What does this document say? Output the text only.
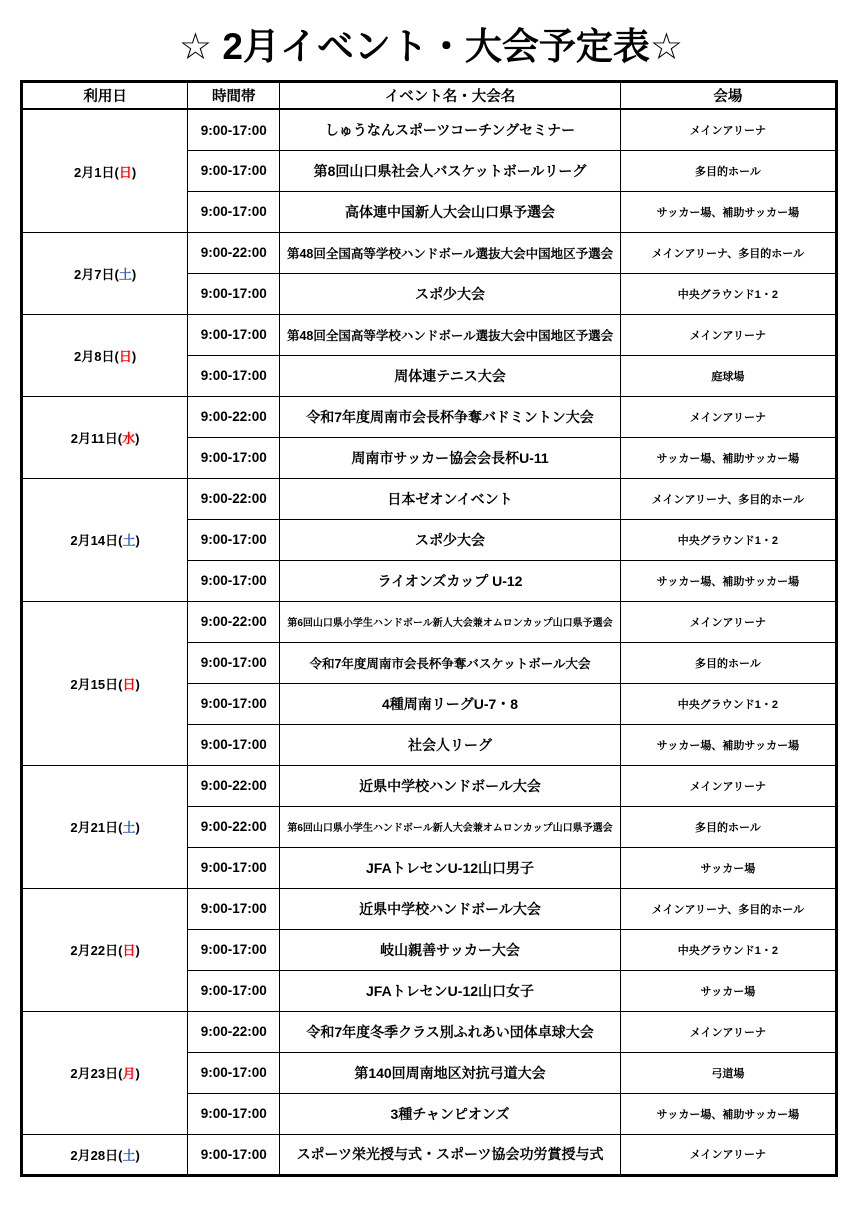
☆ 2月イベント・大会予定表☆
利用日	時間帯	イベント名・大会名	会場
2月1日(日)	9:00-17:00	しゅうなんスポーツコーチングセミナー	メインアリーナ
	9:00-17:00	第8回山口県社会人バスケットボールリーグ	多目的ホール
	9:00-17:00	高体連中国新人大会山口県予選会	サッカー場、補助サッカー場
2月7日(土)	9:00-22:00	第48回全国高等学校ハンドボール選抜大会中国地区予選会	メインアリーナ、多目的ホール
	9:00-17:00	スポ少大会	中央グラウンド1・2
2月8日(日)	9:00-17:00	第48回全国高等学校ハンドボール選抜大会中国地区予選会	メインアリーナ
	9:00-17:00	周体連テニス大会	庭球場
2月11日(水)	9:00-22:00	令和7年度周南市会長杯争奪バドミントン大会	メインアリーナ
	9:00-17:00	周南市サッカー協会会長杯U-11	サッカー場、補助サッカー場
2月14日(土)	9:00-22:00	日本ゼオンイベント	メインアリーナ、多目的ホール
	9:00-17:00	スポ少大会	中央グラウンド1・2
	9:00-17:00	ライオンズカップ U-12	サッカー場、補助サッカー場
2月15日(日)	9:00-22:00	第6回山口県小学生ハンドボール新人大会兼オムロンカップ山口県予選会	メインアリーナ
	9:00-17:00	令和7年度周南市会長杯争奪バスケットボール大会	多目的ホール
	9:00-17:00	4種周南リーグU-7・8	中央グラウンド1・2
	9:00-17:00	社会人リーグ	サッカー場、補助サッカー場
2月21日(土)	9:00-22:00	近県中学校ハンドボール大会	メインアリーナ
	9:00-22:00	第6回山口県小学生ハンドボール新人大会兼オムロンカップ山口県予選会	多目的ホール
	9:00-17:00	JFAトレセンU-12山口男子	サッカー場
2月22日(日)	9:00-17:00	近県中学校ハンドボール大会	メインアリーナ、多目的ホール
	9:00-17:00	岐山親善サッカー大会	中央グラウンド1・2
	9:00-17:00	JFAトレセンU-12山口女子	サッカー場
2月23日(月)	9:00-22:00	令和7年度冬季クラス別ふれあい団体卓球大会	メインアリーナ
	9:00-17:00	第140回周南地区対抗弓道大会	弓道場
	9:00-17:00	3種チャンピオンズ	サッカー場、補助サッカー場
2月28日(土)	9:00-17:00	スポーツ栄光授与式・スポーツ協会功労賞授与式	メインアリーナ
